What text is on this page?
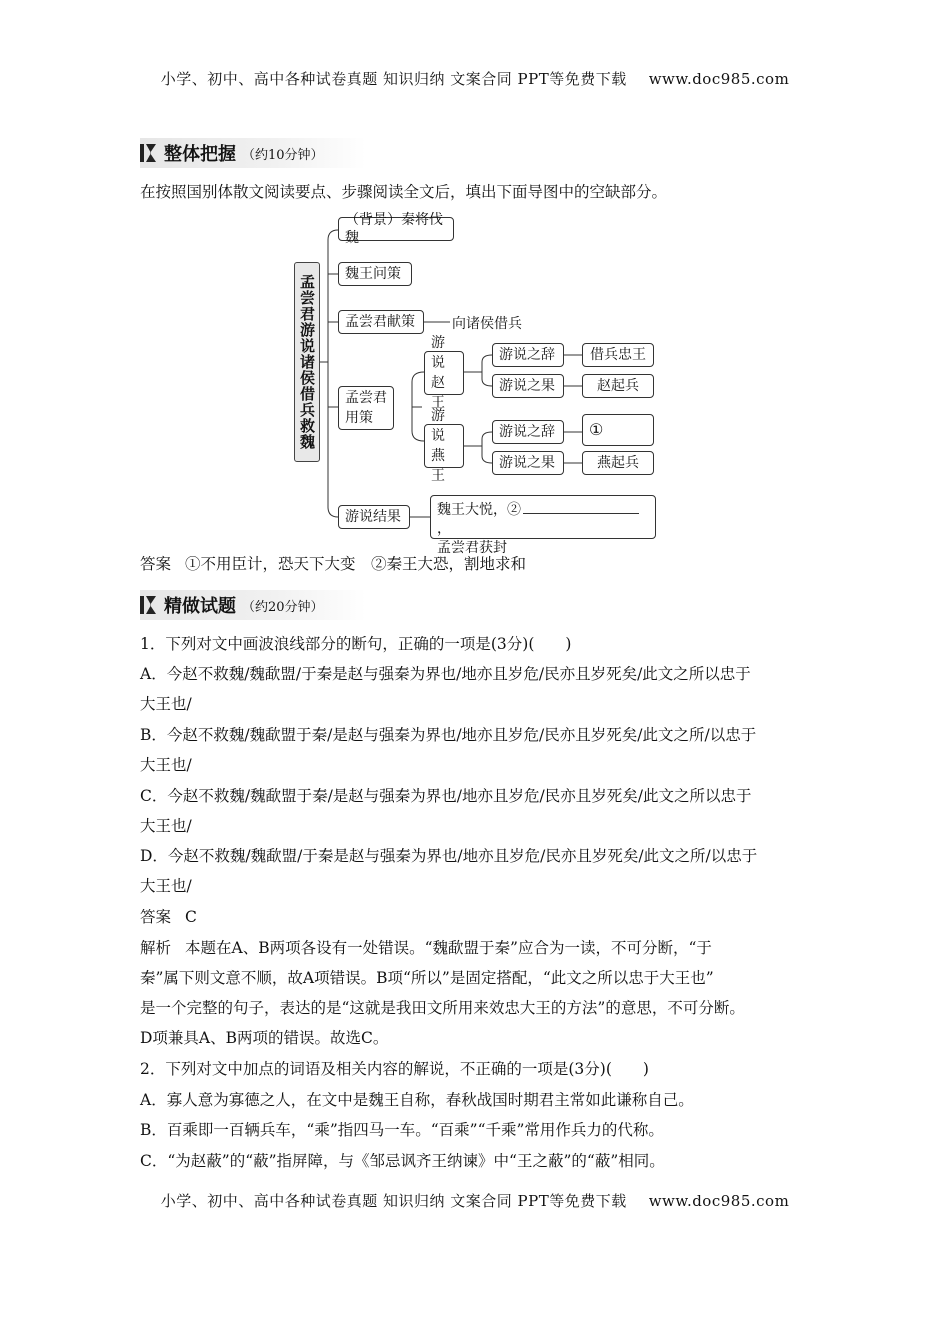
小学、初中、高中各种试卷真题 知识归纳 文案合同 PPT等免费下载 www.doc985.com
整体把握 （约10分钟）
在按照国别体散文阅读要点、步骤阅读全文后，填出下面导图中的空缺部分。
孟尝君游说诸侯借兵救魏
（背景）秦将伐魏
魏王问策
孟尝君献策	向诸侯借兵
孟尝君用策
游说赵王
游说之辞
游说之果
借兵忠王
赵起兵
游说燕王
游说之辞
游说之果
①
燕起兵
游说结果	魏王大悦，②，
孟尝君获封
答案 ①不用臣计，恐天下大变　②秦王大恐，割地求和
精做试题 （约20分钟）
1．下列对文中画波浪线部分的断句，正确的一项是(3分)(　　)
A．今赵不救魏/魏歃盟/于秦是赵与强秦为界也/地亦且岁危/民亦且岁死矣/此文之所以忠于
大王也/
B．今赵不救魏/魏歃盟于秦/是赵与强秦为界也/地亦且岁危/民亦且岁死矣/此文之所/以忠于
大王也/
C．今赵不救魏/魏歃盟于秦/是赵与强秦为界也/地亦且岁危/民亦且岁死矣/此文之所以忠于
大王也/
D．今赵不救魏/魏歃盟/于秦是赵与强秦为界也/地亦且岁危/民亦且岁死矣/此文之所/以忠于
大王也/
答案 C
解析 本题在A、B两项各设有一处错误。“魏歃盟于秦”应合为一读，不可分断，“于
秦”属下则文意不顺，故A项错误。B项“所以”是固定搭配，“此文之所以忠于大王也”
是一个完整的句子，表达的是“这就是我田文所用来效忠大王的方法”的意思，不可分断。
D项兼具A、B两项的错误。故选C。
2．下列对文中加点的词语及相关内容的解说，不正确的一项是(3分)(　　)
A．寡人意为寡德之人，在文中是魏王自称，春秋战国时期君主常如此谦称自己。
B．百乘即一百辆兵车，“乘”指四马一车。“百乘”“千乘”常用作兵力的代称。
C．“为赵蔽”的“蔽”指屏障，与《邹忌讽齐王纳谏》中“王之蔽”的“蔽”相同。
小学、初中、高中各种试卷真题 知识归纳 文案合同 PPT等免费下载 www.doc985.com
